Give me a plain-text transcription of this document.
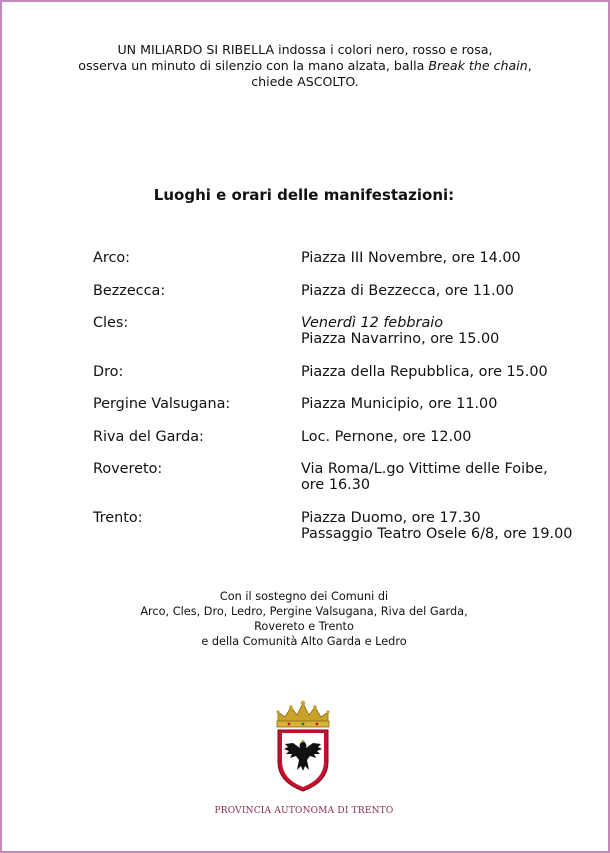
UN MILIARDO SI RIBELLA indossa i colori nero, rosso e rosa,

osserva un minuto di silenzio con la mano alzata, balla Break the chain,

chiede ASCOLTO.

Luoghi e orari delle manifestazioni:
Arco:	Piazza III Novembre, ore 14.00
Bezzecca:	Piazza di Bezzecca, ore 11.00
Cles:	Venerdì 12 febbraio
Piazza Navarrino, ore 15.00
Dro:	Piazza della Repubblica, ore 15.00
Pergine Valsugana:	Piazza Municipio, ore 11.00
Riva del Garda:	Loc. Pernone, ore 12.00
Rovereto:	Via Roma/L.go Vittime delle Foibe,
ore 16.30
Trento:	Piazza Duomo, ore 17.30
Passaggio Teatro Osele 6/8, ore 19.00

Con il sostegno dei Comuni di

Arco, Cles, Dro, Ledro, Pergine Valsugana, Riva del Garda,

Rovereto e Trento

e della Comunità Alto Garda e Ledro

PROVINCIA AUTONOMA DI TRENTO
